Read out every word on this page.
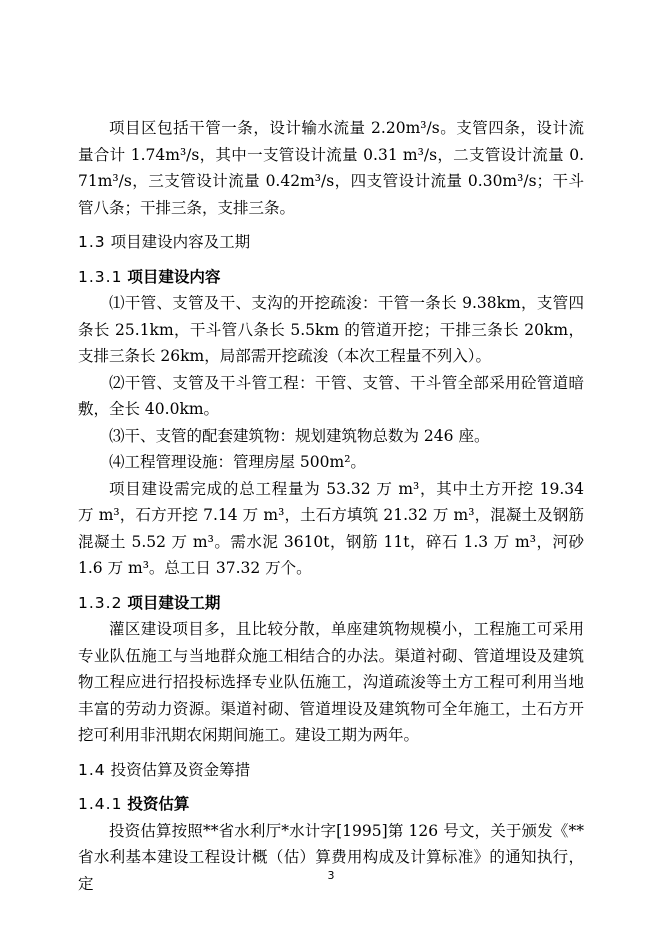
项目区包括干管一条，设计输水流量 2.20m³/s。支管四条，设计流量合计 1.74m³/s，其中一支管设计流量 0.31 m³/s，二支管设计流量 0.71m³/s，三支管设计流量 0.42m³/s，四支管设计流量 0.30m³/s；干斗管八条；干排三条，支排三条。

1.3 项目建设内容及工期
1.3.1 项目建设内容

⑴干管、支管及干、支沟的开挖疏浚：干管一条长 9.38km，支管四条长 25.1km，干斗管八条长 5.5km 的管道开挖；干排三条长 20km，支排三条长 26km，局部需开挖疏浚（本次工程量不列入）。

⑵干管、支管及干斗管工程：干管、支管、干斗管全部采用砼管道暗敷，全长 40.0km。

⑶干、支管的配套建筑物：规划建筑物总数为 246 座。

⑷工程管理设施：管理房屋 500m²。

项目建设需完成的总工程量为 53.32 万 m³，其中土方开挖 19.34 万 m³，石方开挖 7.14 万 m³，土石方填筑 21.32 万 m³，混凝土及钢筋混凝土 5.52 万 m³。需水泥 3610t，钢筋 11t，碎石 1.3 万 m³，河砂 1.6 万 m³。总工日 37.32 万个。

1.3.2 项目建设工期

灌区建设项目多，且比较分散，单座建筑物规模小，工程施工可采用专业队伍施工与当地群众施工相结合的办法。渠道衬砌、管道埋设及建筑物工程应进行招投标选择专业队伍施工，沟道疏浚等土方工程可利用当地丰富的劳动力资源。渠道衬砌、管道埋设及建筑物可全年施工，土石方开挖可利用非汛期农闲期间施工。建设工期为两年。

1.4 投资估算及资金筹措
1.4.1 投资估算

投资估算按照**省水利厅*水计字[1995]第 126 号文，关于颁发《**省水利基本建设工程设计概（估）算费用构成及计算标准》的通知执行，定	3
